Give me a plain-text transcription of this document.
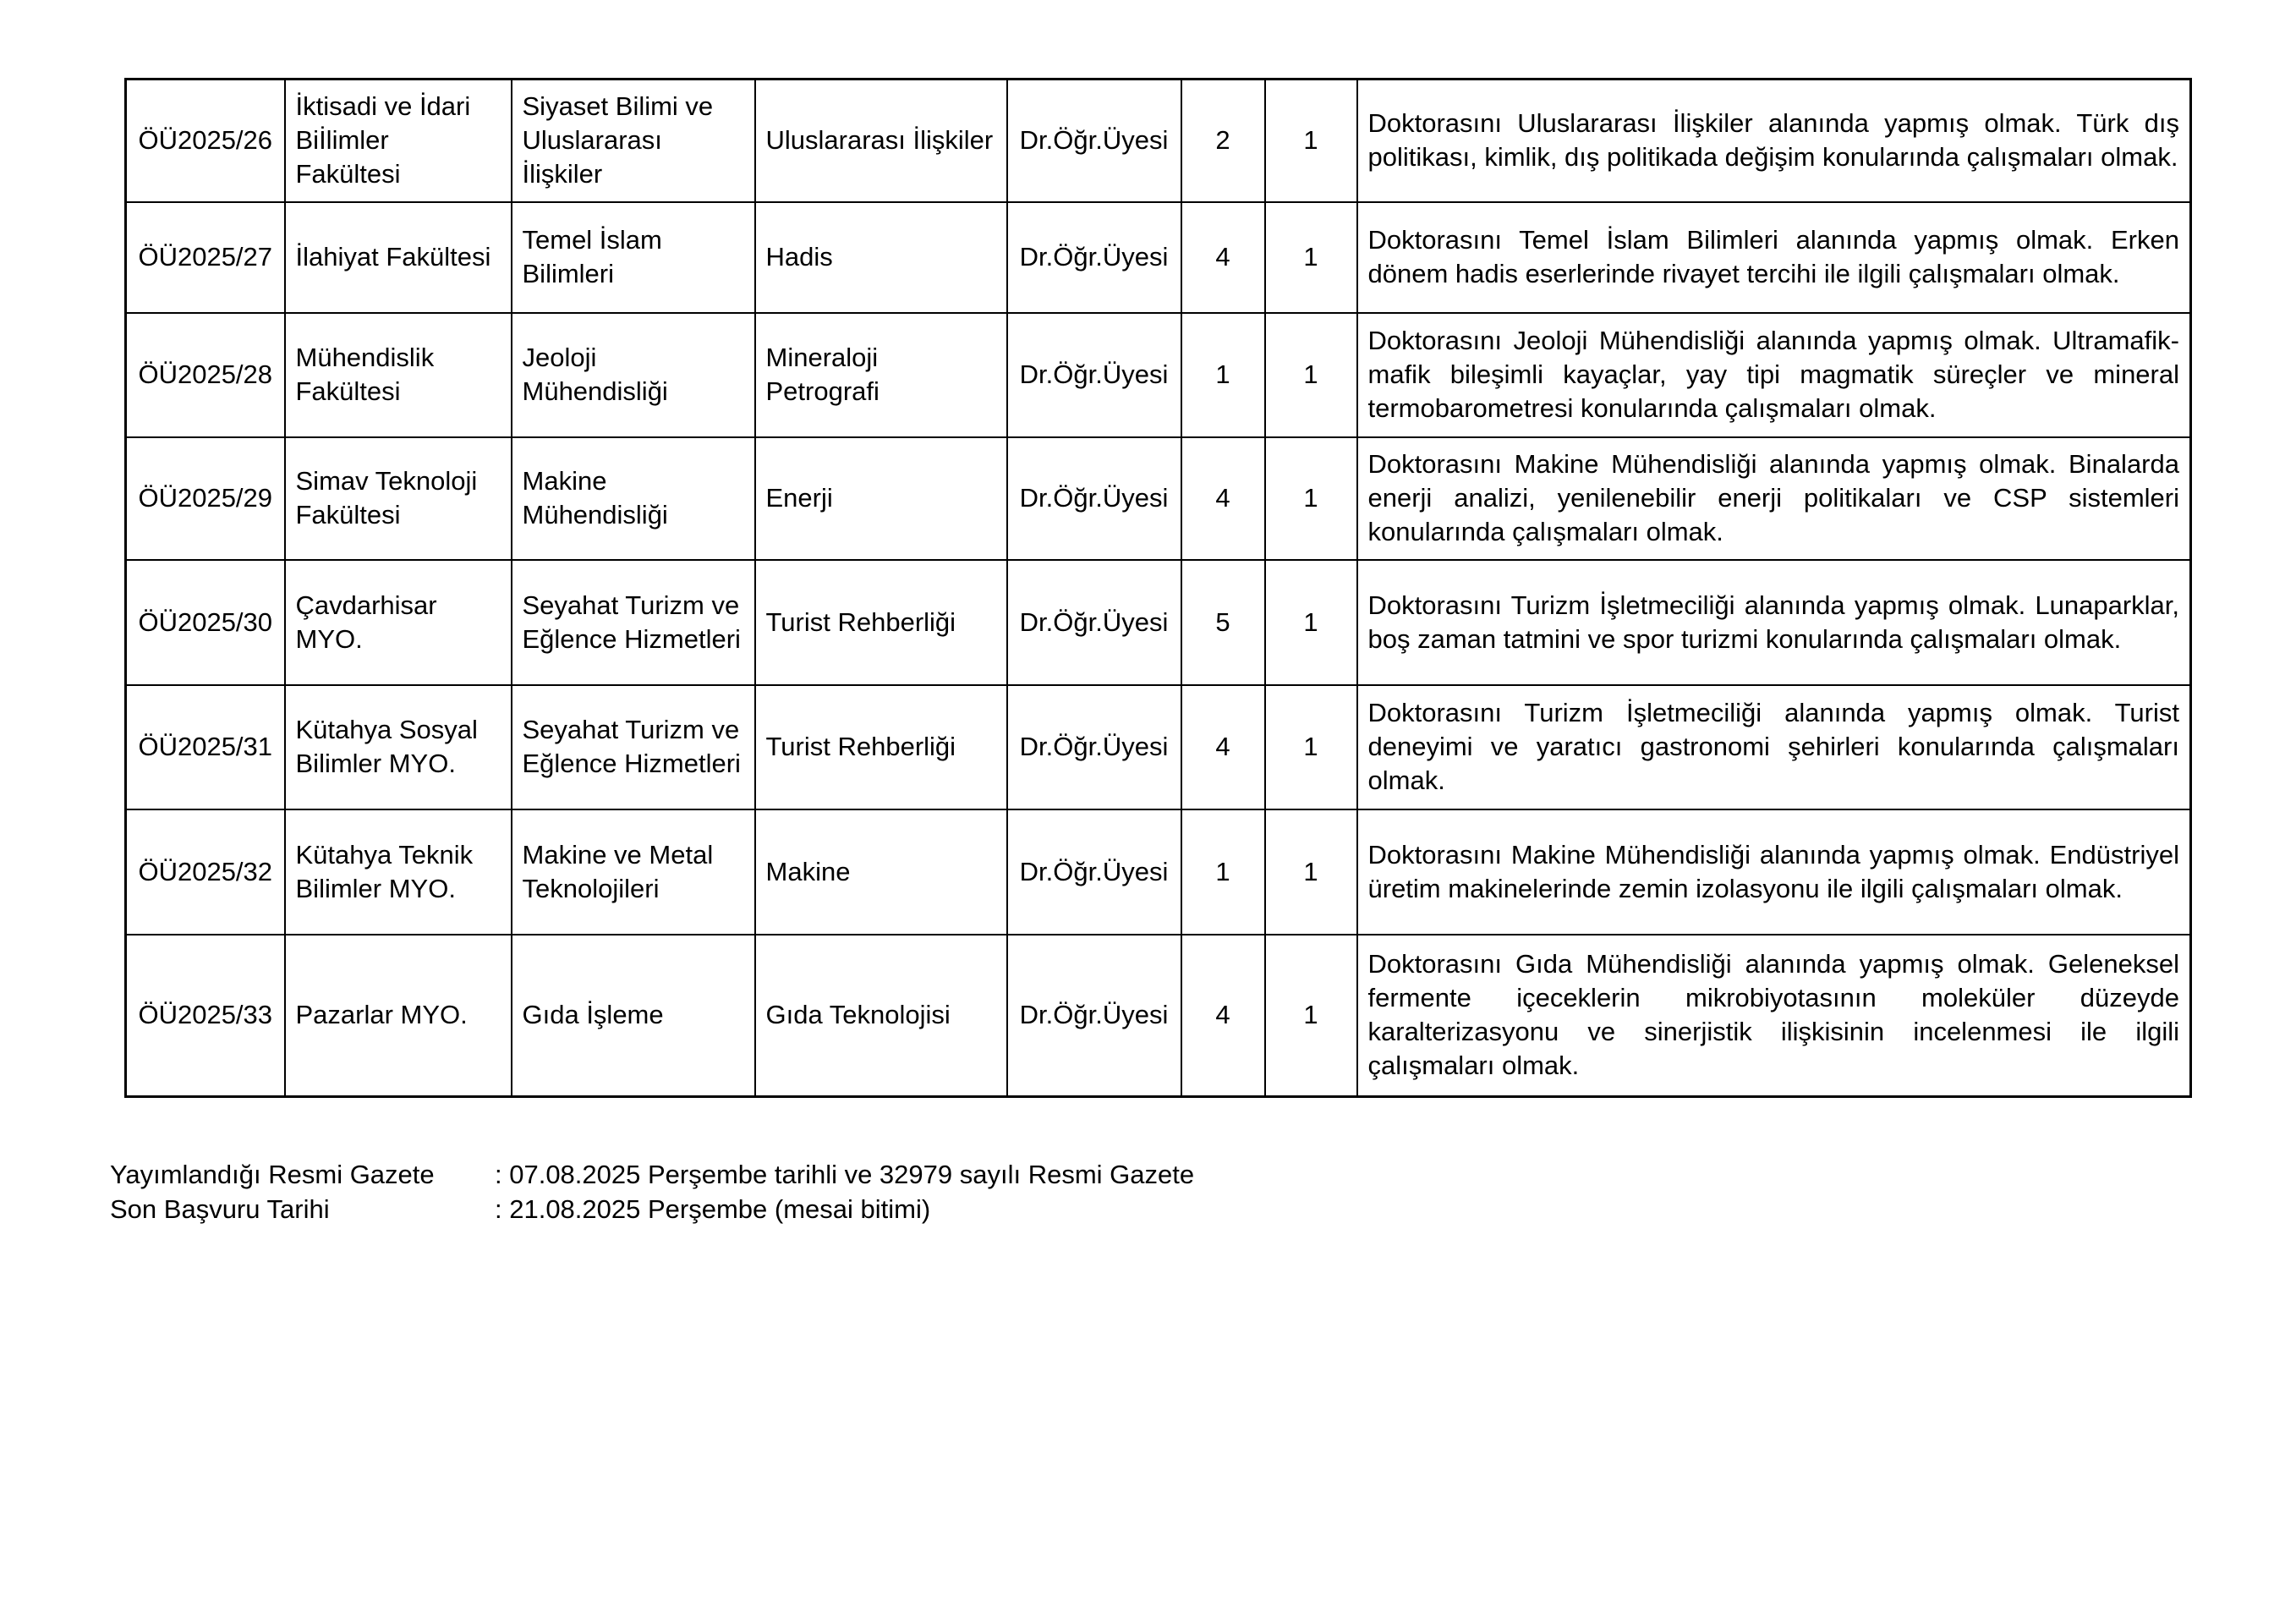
ÖÜ2025/26	İktisadi ve İdari Biİlimler Fakültesi	Siyaset Bilimi ve Uluslararası İlişkiler	Uluslararası İlişkiler	Dr.Öğr.Üyesi	2	1	Doktorasını Uluslararası İlişkiler alanında yapmış olmak. Türk dış politikası, kimlik, dış politikada değişim konularında çalışmaları olmak.
ÖÜ2025/27	İlahiyat Fakültesi	Temel İslam Bilimleri	Hadis	Dr.Öğr.Üyesi	4	1	Doktorasını Temel İslam Bilimleri alanında yapmış olmak. Erken dönem hadis eserlerinde rivayet tercihi ile ilgili çalışmaları olmak.
ÖÜ2025/28	Mühendislik Fakültesi	Jeoloji Mühendisliği	Mineraloji Petrografi	Dr.Öğr.Üyesi	1	1	Doktorasını Jeoloji Mühendisliği alanında yapmış olmak. Ultramafik-mafik bileşimli kayaçlar, yay tipi magmatik süreçler ve mineral termobarometresi konularında çalışmaları olmak.
ÖÜ2025/29	Simav Teknoloji Fakültesi	Makine Mühendisliği	Enerji	Dr.Öğr.Üyesi	4	1	Doktorasını Makine Mühendisliği alanında yapmış olmak. Binalarda enerji analizi, yenilenebilir enerji politikaları ve CSP sistemleri konularında çalışmaları olmak.
ÖÜ2025/30	Çavdarhisar MYO.	Seyahat Turizm ve Eğlence Hizmetleri	Turist Rehberliği	Dr.Öğr.Üyesi	5	1	Doktorasını Turizm İşletmeciliği alanında yapmış olmak. Lunaparklar, boş zaman tatmini ve spor turizmi konularında çalışmaları olmak.
ÖÜ2025/31	Kütahya Sosyal Bilimler MYO.	Seyahat Turizm ve Eğlence Hizmetleri	Turist Rehberliği	Dr.Öğr.Üyesi	4	1	Doktorasını Turizm İşletmeciliği alanında yapmış olmak. Turist deneyimi ve yaratıcı gastronomi şehirleri konularında çalışmaları olmak.
ÖÜ2025/32	Kütahya Teknik Bilimler MYO.	Makine ve Metal Teknolojileri	Makine	Dr.Öğr.Üyesi	1	1	Doktorasını Makine Mühendisliği alanında yapmış olmak. Endüstriyel üretim makinelerinde zemin izolasyonu ile ilgili çalışmaları olmak.
ÖÜ2025/33	Pazarlar MYO.	Gıda İşleme	Gıda Teknolojisi	Dr.Öğr.Üyesi	4	1	Doktorasını Gıda Mühendisliği alanında yapmış olmak. Geleneksel fermente içeceklerin mikrobiyotasının moleküler düzeyde karalterizasyonu ve sinerjistik ilişkisinin incelenmesi ile ilgili çalışmaları olmak.
Yayımlandığı Resmi Gazete	: 07.08.2025 Perşembe tarihli ve 32979 sayılı Resmi Gazete
Son Başvuru Tarihi	: 21.08.2025 Perşembe (mesai bitimi)
